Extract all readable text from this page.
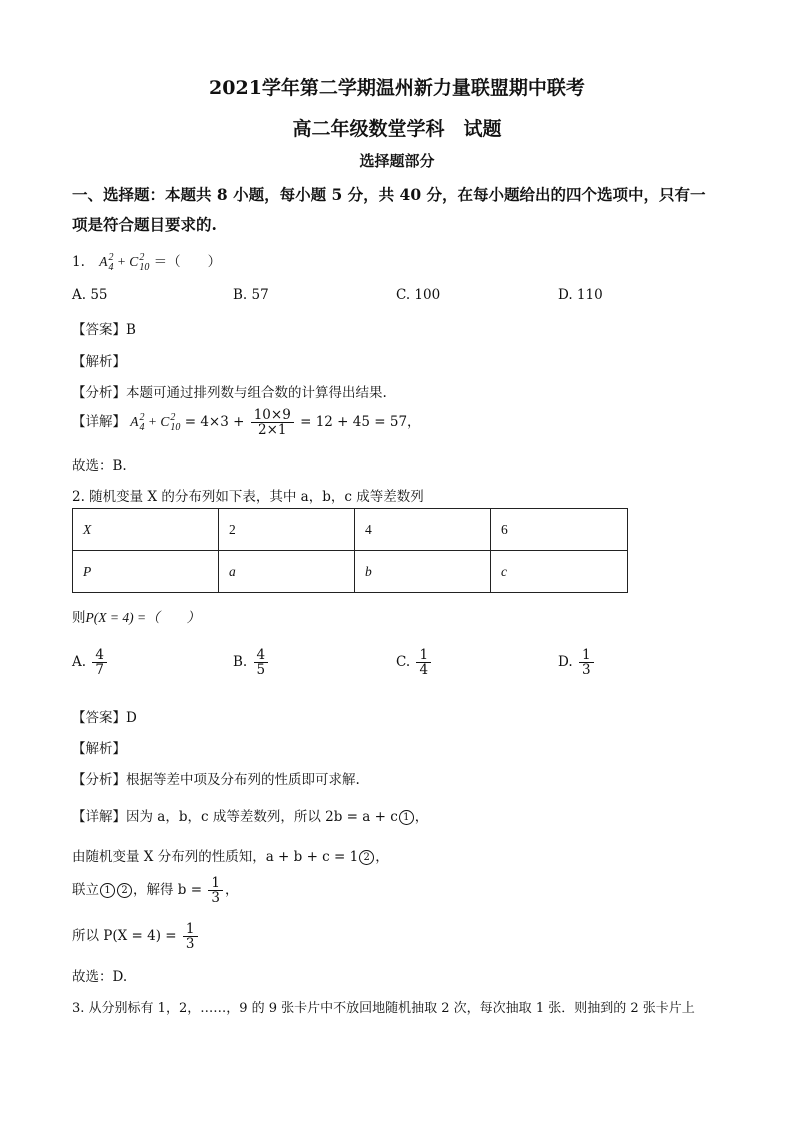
2021学年第二学期温州新力量联盟期中联考
高二年级数堂学科　试题
选择题部分
一、选择题：本题共 8 小题，每小题 5 分，共 40 分，在每小题给出的四个选项中，只有一
项是符合题目要求的.
1. A 2
4 + C 2
10 ＝（　　）
A. 55	B. 57	C. 100	D. 110
【答案】B
【解析】
【分析】本题可通过排列数与组合数的计算得出结果.
【详解】 A 2
4 + C 2
$10 = 4\times 3 + \frac{10\times 9}{2\times 1} = 12 + 45 = 57$，
故选：B.
2. 随机变量 X 的分布列如下表，其中 a，b，c 成等差数列
X	2	4	6
P	a	b	c
则P(X = 4) =（　　）
A. $\frac{4}{7}$	B. $\frac{4}{5}$	C. $\frac{1}{4}$	D. $\frac{1}{3}$
【答案】D
【解析】
【分析】根据等差中项及分布列的性质即可求解.
【详解】因为 a，b，c 成等差数列，所以 2b = a + c 1 ，
由随机变量 X 分布列的性质知，a + b + c = 1 2 ，
联立 1 2 ，解得 $b = \frac{1}{3}$ ，
所以 $P(X = 4) = \frac{1}{3}$
故选：D.
3. 从分别标有 1，2，……，9 的 9 张卡片中不放回地随机抽取 2 次，每次抽取 1 张．则抽到的 2 张卡片上
